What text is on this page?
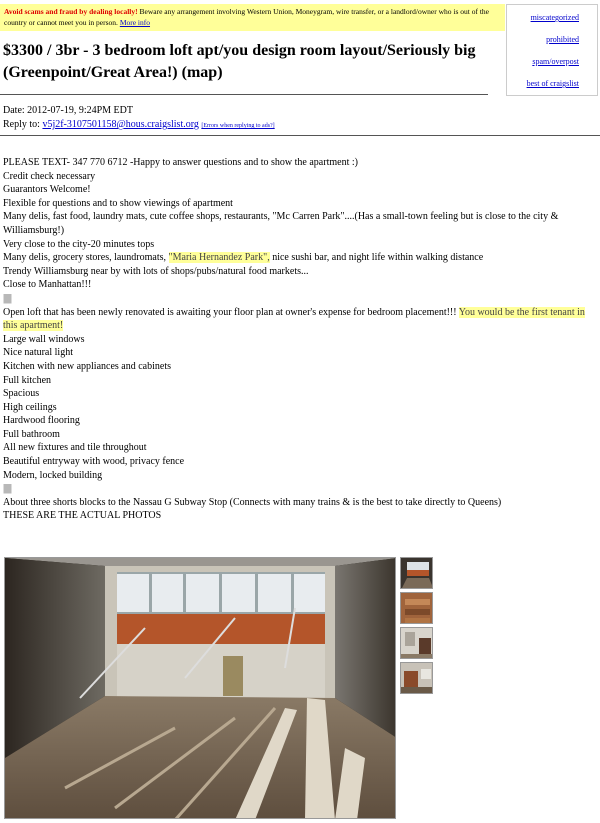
Avoid scams and fraud by dealing locally! Beware any arrangement involving Western Union, Moneygram, wire transfer, or a landlord/owner who is out of the country or cannot meet you in person. More info
miscategorized
prohibited
spam/overpost
best of craigslist
$3300 / 3br - 3 bedroom loft apt/you design room layout/Seriously big (Greenpoint/Great Area!) (map)
Date: 2012-07-19, 9:24PM EDT
Reply to: v5j2f-3107501158@hous.craigslist.org [Errors when replying to ads?]
PLEASE TEXT- 347 770 6712 -Happy to answer questions and to show the apartment :)
Credit check necessary
Guarantors Welcome!
Flexible for questions and to show viewings of apartment
Many delis, fast food, laundry mats, cute coffee shops, restaurants, "Mc Carren Park"....(Has a small-town feeling but is close to the city & Williamsburg!)
Very close to the city-20 minutes tops
Many delis, grocery stores, laundromats, "Maria Hernandez Park", nice sushi bar, and night life within walking distance
Trendy Williamsburg near by with lots of shops/pubs/natural food markets...
Close to Manhattan!!!
||||||||
Open loft that has been newly renovated is awaiting your floor plan at owner's expense for bedroom placement!!! You would be the first tenant in this apartment!
Large wall windows
Nice natural light
Kitchen with new appliances and cabinets
Full kitchen
Spacious
High ceilings
Hardwood flooring
Full bathroom
All new fixtures and tile throughout
Beautiful entryway with wood, privacy fence
Modern, locked building
||||||||
About three shorts blocks to the Nassau G Subway Stop (Connects with many trains & is the best to take directly to Queens)
THESE ARE THE ACTUAL PHOTOS
